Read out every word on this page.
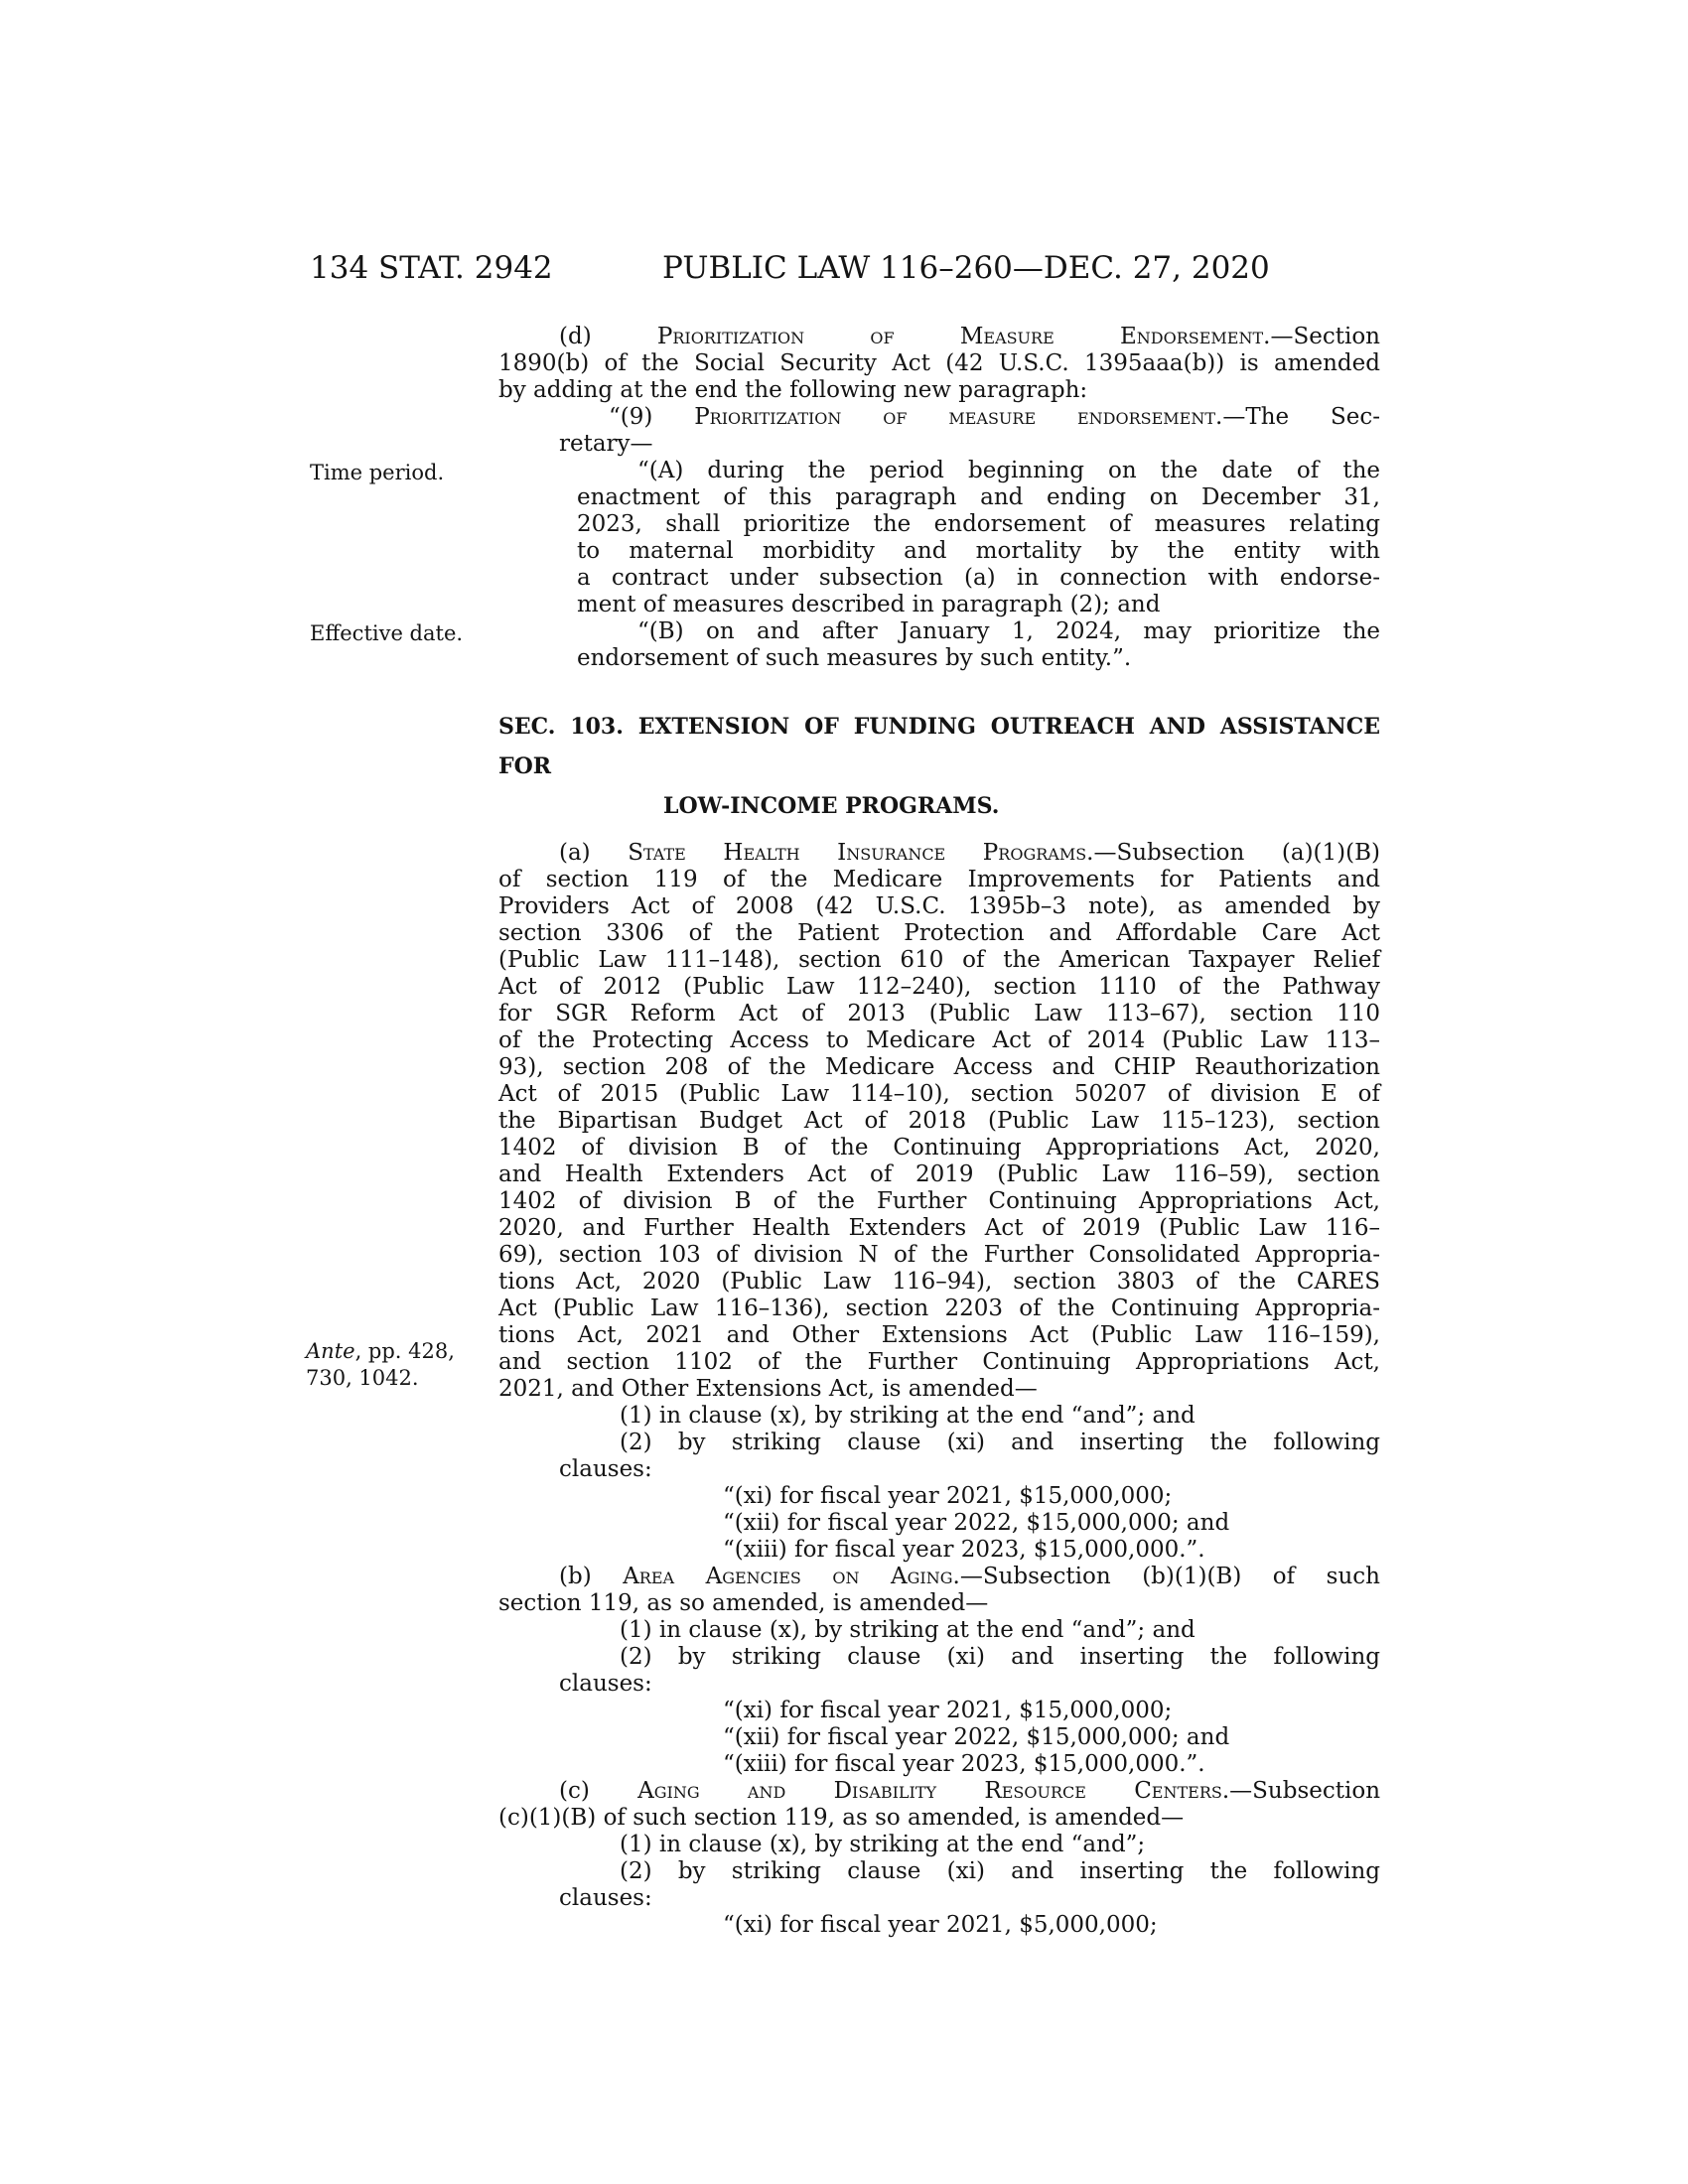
134 STAT. 2942	PUBLIC LAW 116–260—DEC. 27, 2020
Time period.
Effective date.
Ante, pp. 428,
730, 1042.
(d) Prioritization of Measure Endorsement.—Section
1890(b) of the Social Security Act (42 U.S.C. 1395aaa(b)) is amended
by adding at the end the following new paragraph:
“(9) Prioritization of measure endorsement.—The Sec-
retary—
“(A) during the period beginning on the date of the
enactment of this paragraph and ending on December 31,
2023, shall prioritize the endorsement of measures relating
to maternal morbidity and mortality by the entity with
a contract under subsection (a) in connection with endorse-
ment of measures described in paragraph (2); and
“(B) on and after January 1, 2024, may prioritize the
endorsement of such measures by such entity.”.
SEC. 103. EXTENSION OF FUNDING OUTREACH AND ASSISTANCE FOR
LOW-INCOME PROGRAMS.
(a) State Health Insurance Programs.—Subsection (a)(1)(B)
of section 119 of the Medicare Improvements for Patients and
Providers Act of 2008 (42 U.S.C. 1395b–3 note), as amended by
section 3306 of the Patient Protection and Affordable Care Act
(Public Law 111–148), section 610 of the American Taxpayer Relief
Act of 2012 (Public Law 112–240), section 1110 of the Pathway
for SGR Reform Act of 2013 (Public Law 113–67), section 110
of the Protecting Access to Medicare Act of 2014 (Public Law 113–
93), section 208 of the Medicare Access and CHIP Reauthorization
Act of 2015 (Public Law 114–10), section 50207 of division E of
the Bipartisan Budget Act of 2018 (Public Law 115–123), section
1402 of division B of the Continuing Appropriations Act, 2020,
and Health Extenders Act of 2019 (Public Law 116–59), section
1402 of division B of the Further Continuing Appropriations Act,
2020, and Further Health Extenders Act of 2019 (Public Law 116–
69), section 103 of division N of the Further Consolidated Appropria-
tions Act, 2020 (Public Law 116–94), section 3803 of the CARES
Act (Public Law 116–136), section 2203 of the Continuing Appropria-
tions Act, 2021 and Other Extensions Act (Public Law 116–159),
and section 1102 of the Further Continuing Appropriations Act,
2021, and Other Extensions Act, is amended—
(1) in clause (x), by striking at the end “and”; and
(2) by striking clause (xi) and inserting the following
clauses:
“(xi) for fiscal year 2021, $15,000,000;
“(xii) for fiscal year 2022, $15,000,000; and
“(xiii) for fiscal year 2023, $15,000,000.”.
(b) Area Agencies on Aging.—Subsection (b)(1)(B) of such
section 119, as so amended, is amended—
(1) in clause (x), by striking at the end “and”; and
(2) by striking clause (xi) and inserting the following
clauses:
“(xi) for fiscal year 2021, $15,000,000;
“(xii) for fiscal year 2022, $15,000,000; and
“(xiii) for fiscal year 2023, $15,000,000.”.
(c) Aging and Disability Resource Centers.—Subsection
(c)(1)(B) of such section 119, as so amended, is amended—
(1) in clause (x), by striking at the end “and”;
(2) by striking clause (xi) and inserting the following
clauses:
“(xi) for fiscal year 2021, $5,000,000;
